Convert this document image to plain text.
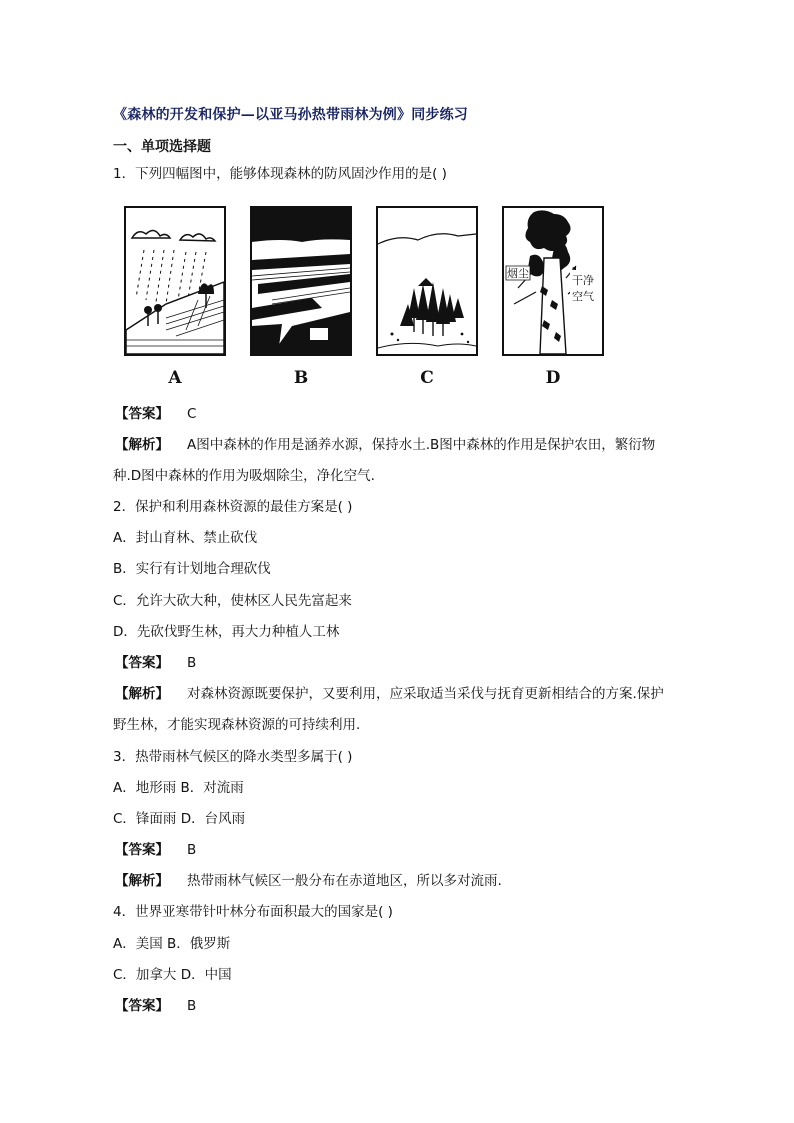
《森林的开发和保护—以亚马孙热带雨林为例》同步练习
一、单项选择题
1．下列四幅图中，能够体现森林的防风固沙作用的是( )
A	B	C
烟尘
干净
空气
D
【答案】 C
【解析】 A图中森林的作用是涵养水源，保持水土.B图中森林的作用是保护农田，繁衍物
种.D图中森林的作用为吸烟除尘，净化空气.
2．保护和利用森林资源的最佳方案是( )
A．封山育林、禁止砍伐
B．实行有计划地合理砍伐
C．允许大砍大种，使林区人民先富起来
D．先砍伐野生林，再大力种植人工林
【答案】 B
【解析】 对森林资源既要保护，又要利用，应采取适当采伐与抚育更新相结合的方案.保护
野生林，才能实现森林资源的可持续利用.
3．热带雨林气候区的降水类型多属于( )
A．地形雨 B．对流雨
C．锋面雨 D．台风雨
【答案】 B
【解析】 热带雨林气候区一般分布在赤道地区，所以多对流雨.
4．世界亚寒带针叶林分布面积最大的国家是( )
A．美国 B．俄罗斯
C．加拿大 D．中国
【答案】 B
